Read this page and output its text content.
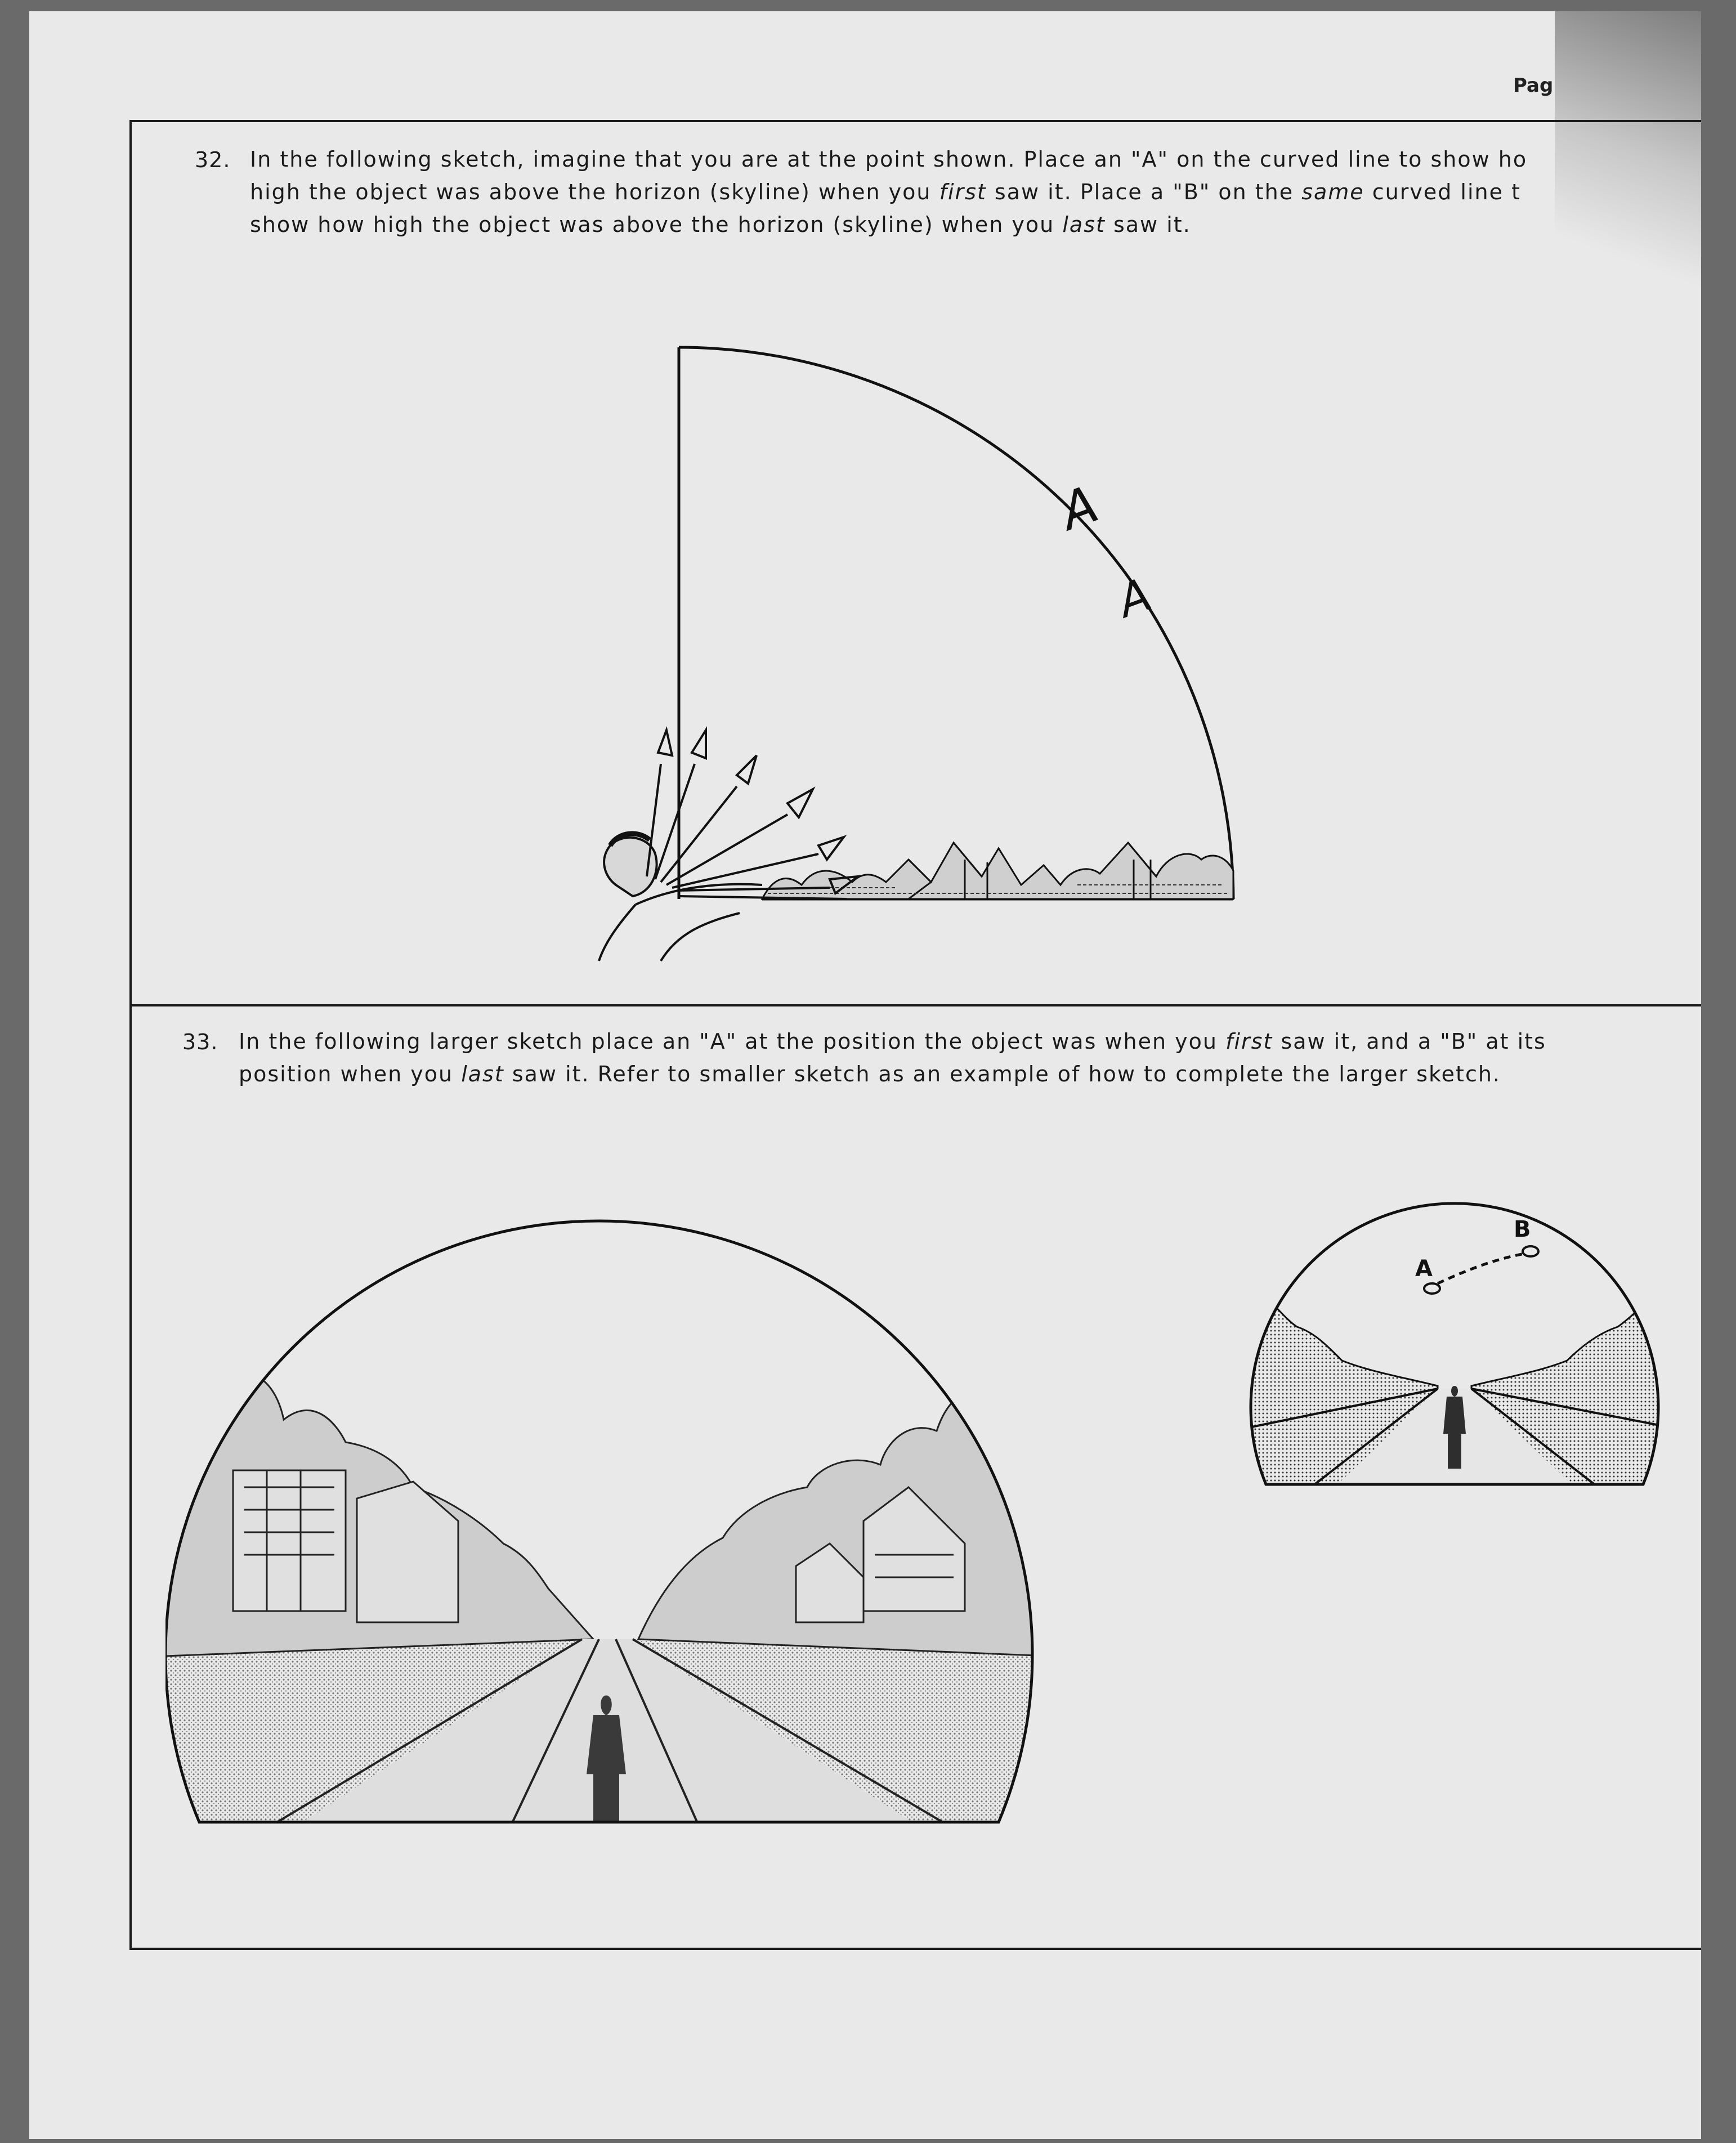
Pag
32. In the following sketch, imagine that you are at the point shown. Place an "A" on the curved line to show ho
high the object was above the horizon (skyline) when you first saw it. Place a "B" on the same curved line t
show how high the object was above the horizon (skyline) when you last saw it.
A
A
33. In the following larger sketch place an "A" at the position the object was when you first saw it, and a "B" at its
position when you last saw it. Refer to smaller sketch as an example of how to complete the larger sketch.
A
B
